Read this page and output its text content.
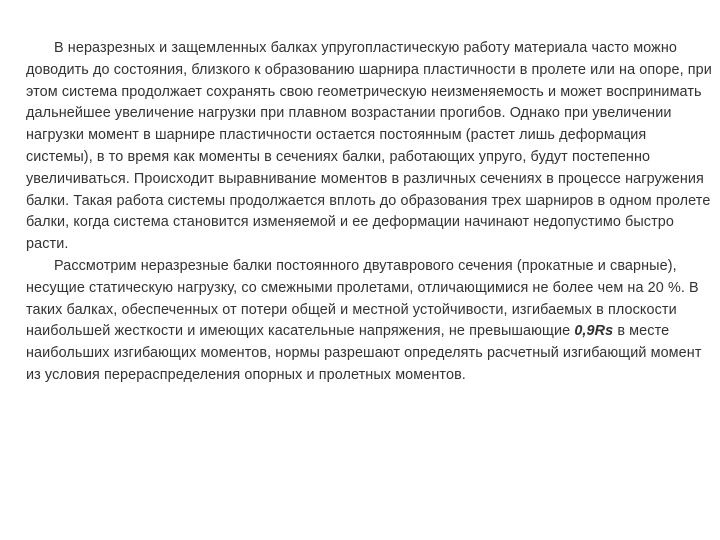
В неразрезных и защемленных балках упругопластическую работу материала часто можно доводить до состояния, близкого к образованию шарнира пластичности в пролете или на опоре, при этом система продолжает сохранять свою геометрическую неизменяемость и может воспринимать дальнейшее увеличение нагрузки при плавном возрастании прогибов. Однако при увеличении нагрузки момент в шарнире пластичности остается постоянным (растет лишь деформация системы), в то время как моменты в сечениях балки, работающих упруго, будут постепенно увеличиваться. Происходит выравнивание моментов в различных сечениях в процессе нагружения балки. Такая работа системы продолжается вплоть до образования трех шарниров в одном пролете балки, когда система становится изменяемой и ее деформации начинают недопустимо быстро расти.

Рассмотрим неразрезные балки постоянного двутаврового сечения (прокатные и сварные), несущие статическую нагрузку, со смежными пролетами, отличающимися не более чем на 20 %. В таких балках, обеспеченных от потери общей и местной устойчивости, изгибаемых в плоскости наибольшей жесткости и имеющих касательные напряжения, не превышающие 0,9Rs в месте наибольших изгибающих моментов, нормы разрешают определять расчетный изгибающий момент из условия перераспределения опорных и пролетных моментов.
